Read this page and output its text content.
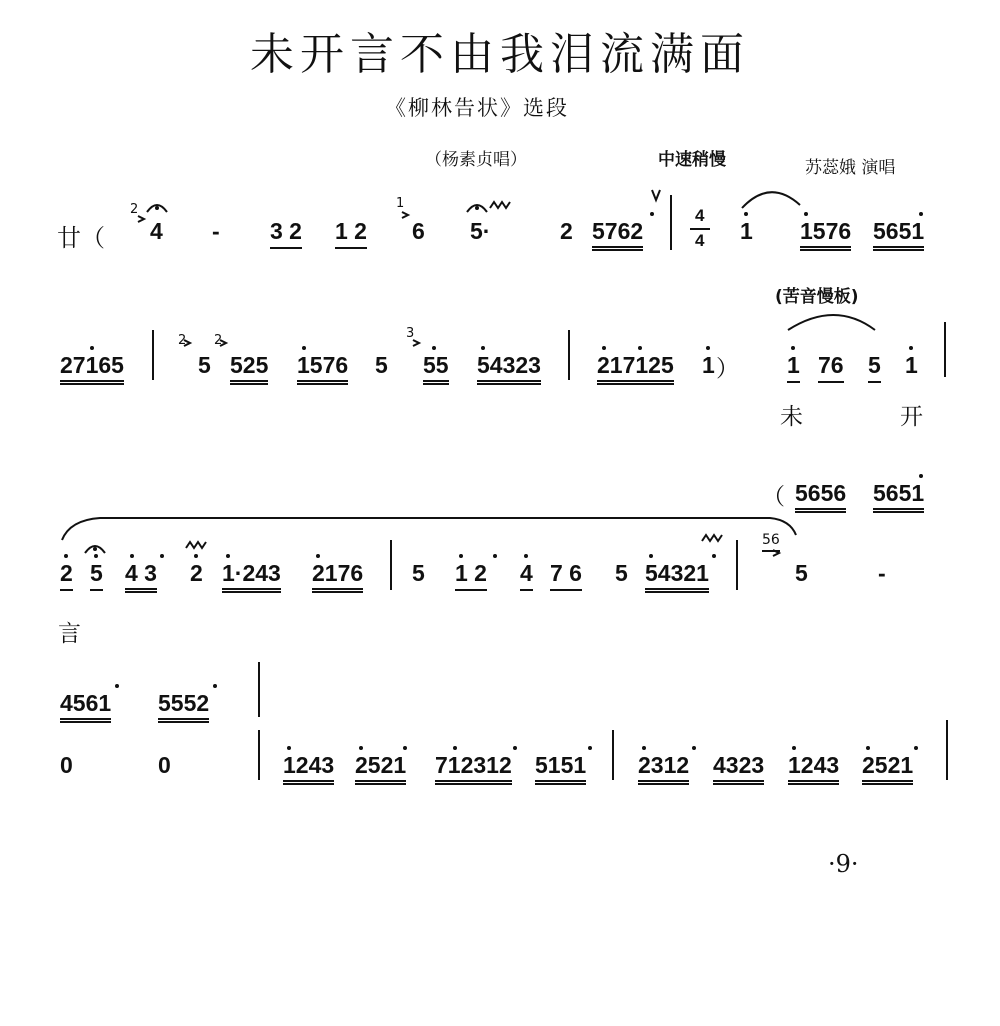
未开言不由我泪流满面
《柳林告状》选段
（杨素贞唱）	中速稍慢	苏蕊娥 演唱
廿（
2
4 - 3 2 1 2
1
6 5·	2 5762
4
4 1 1576 5651
(苦音慢板)
27165
2
5
2
525 1576 5
3
55 54323 217125 1 ） 1 76 5 1
未	开
（ 5656 5651
2 5 4 3 2 1·243 2176 5 1 2 4 7 6 5 54321
56
5	-
言
4561 5552
0	0	1243 2521 712312 5151 2312 4323 1243 2521
·9·
